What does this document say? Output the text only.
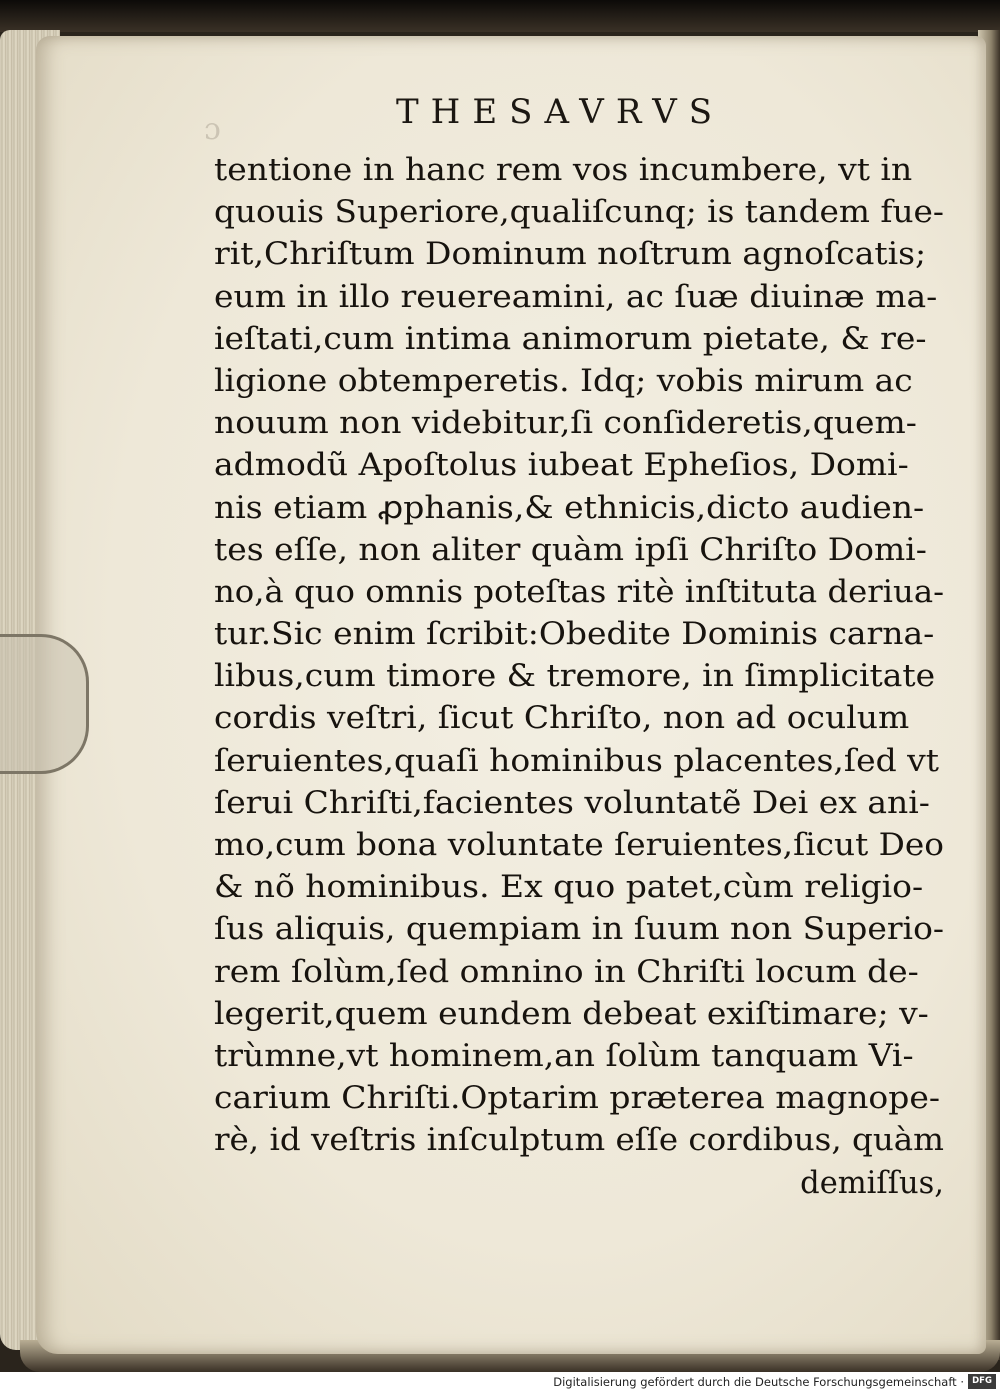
ɔ	THESAVRVS
tentione in hanc rem vos incumbere, vt in
quouis Superiore,qualiſcunq; is tandem fue-
rit,Chriſtum Dominum noſtrum agnoſcatis;
eum in illo reuereamini, ac ſuæ diuinæ ma-
ieſtati,cum intima animorum pietate, & re-
ligione obtemperetis. Idq; vobis mirum ac
nouum non videbitur,ſi conſideretis,quem-
admodũ Apoſtolus iubeat Epheſios, Domi-
nis etiam ꝓphanis,& ethnicis,dicto audien-
tes eſſe, non aliter quàm ipſi Chriſto Domi-
no,à quo omnis poteſtas ritè inſtituta deriua-
tur.Sic enim ſcribit:Obedite Dominis carna-
libus,cum timore & tremore, in ſimplicitate
cordis veſtri, ſicut Chriſto, non ad oculum
ſeruientes,quaſi hominibus placentes,ſed vt
ſerui Chriſti,facientes voluntatẽ Dei ex ani-
mo,cum bona voluntate ſeruientes,ſicut Deo
& nõ hominibus. Ex quo patet,cùm religio-
ſus aliquis, quempiam in ſuum non Superio-
rem ſolùm,ſed omnino in Chriſti locum de-
legerit,quem eundem debeat exiſtimare; v-
trùmne,vt hominem,an ſolùm tanquam Vi-
carium Chriſti.Optarim præterea magnope-
rè, id veſtris inſculptum eſſe cordibus, quàm
demiſſus,
Digitalisierung gefördert durch die Deutsche Forschungsgemeinschaft · DFG
